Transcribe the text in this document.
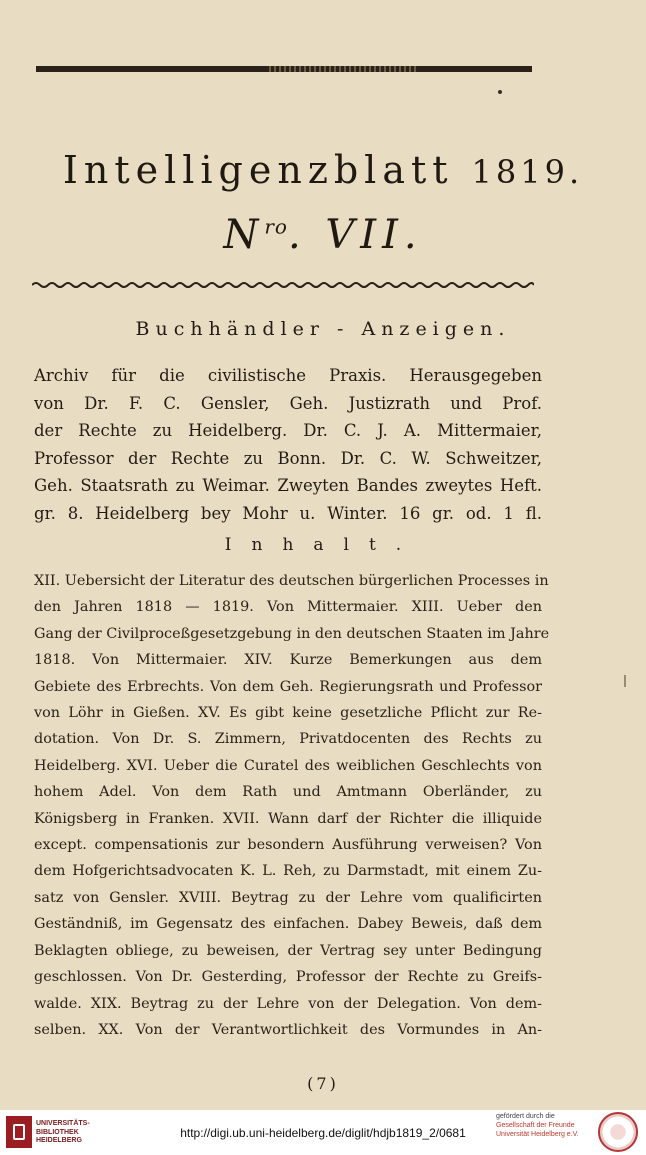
Intelligenzblatt 1819.
$N^{ro}$. VII.
Buchhändler - Anzeigen.
Archiv für die civilistische Praxis. Herausgegeben
von Dr. F. C. Gensler, Geh. Justizrath und Prof.
der Rechte zu Heidelberg. Dr. C. J. A. Mittermaier,
Professor der Rechte zu Bonn. Dr. C. W. Schweitzer,
Geh. Staatsrath zu Weimar. Zweyten Bandes zweytes Heft.
gr. 8. Heidelberg bey Mohr u. Winter. 16 gr. od. 1 fl.
Inhalt.
XII. Uebersicht der Literatur des deutschen bürgerlichen Processes in
den Jahren 1818 — 1819. Von Mittermaier. XIII. Ueber den
Gang der Civilproceßgesetzgebung in den deutschen Staaten im Jahre
1818. Von Mittermaier. XIV. Kurze Bemerkungen aus dem
Gebiete des Erbrechts. Von dem Geh. Regierungsrath und Professor
von Löhr in Gießen. XV. Es gibt keine gesetzliche Pflicht zur Re-
dotation. Von Dr. S. Zimmern, Privatdocenten des Rechts zu
Heidelberg. XVI. Ueber die Curatel des weiblichen Geschlechts von
hohem Adel. Von dem Rath und Amtmann Oberländer, zu
Königsberg in Franken. XVII. Wann darf der Richter die illiquide
except. compensationis zur besondern Ausführung verweisen? Von
dem Hofgerichtsadvocaten K. L. Reh, zu Darmstadt, mit einem Zu-
satz von Gensler. XVIII. Beytrag zu der Lehre vom qualificirten
Geständniß, im Gegensatz des einfachen. Dabey Beweis, daß dem
Beklagten obliege, zu beweisen, der Vertrag sey unter Bedingung
geschlossen. Von Dr. Gesterding, Professor der Rechte zu Greifs-
walde. XIX. Beytrag zu der Lehre von der Delegation. Von dem-
selben. XX. Von der Verantwortlichkeit des Vormundes in An-
(7)
UNIVERSITÄTS-
BIBLIOTHEK
HEIDELBERG
http://digi.ub.uni-heidelberg.de/diglit/hdjb1819_2/0681
gefördert durch die
Gesellschaft der Freunde
Universität Heidelberg e.V.
